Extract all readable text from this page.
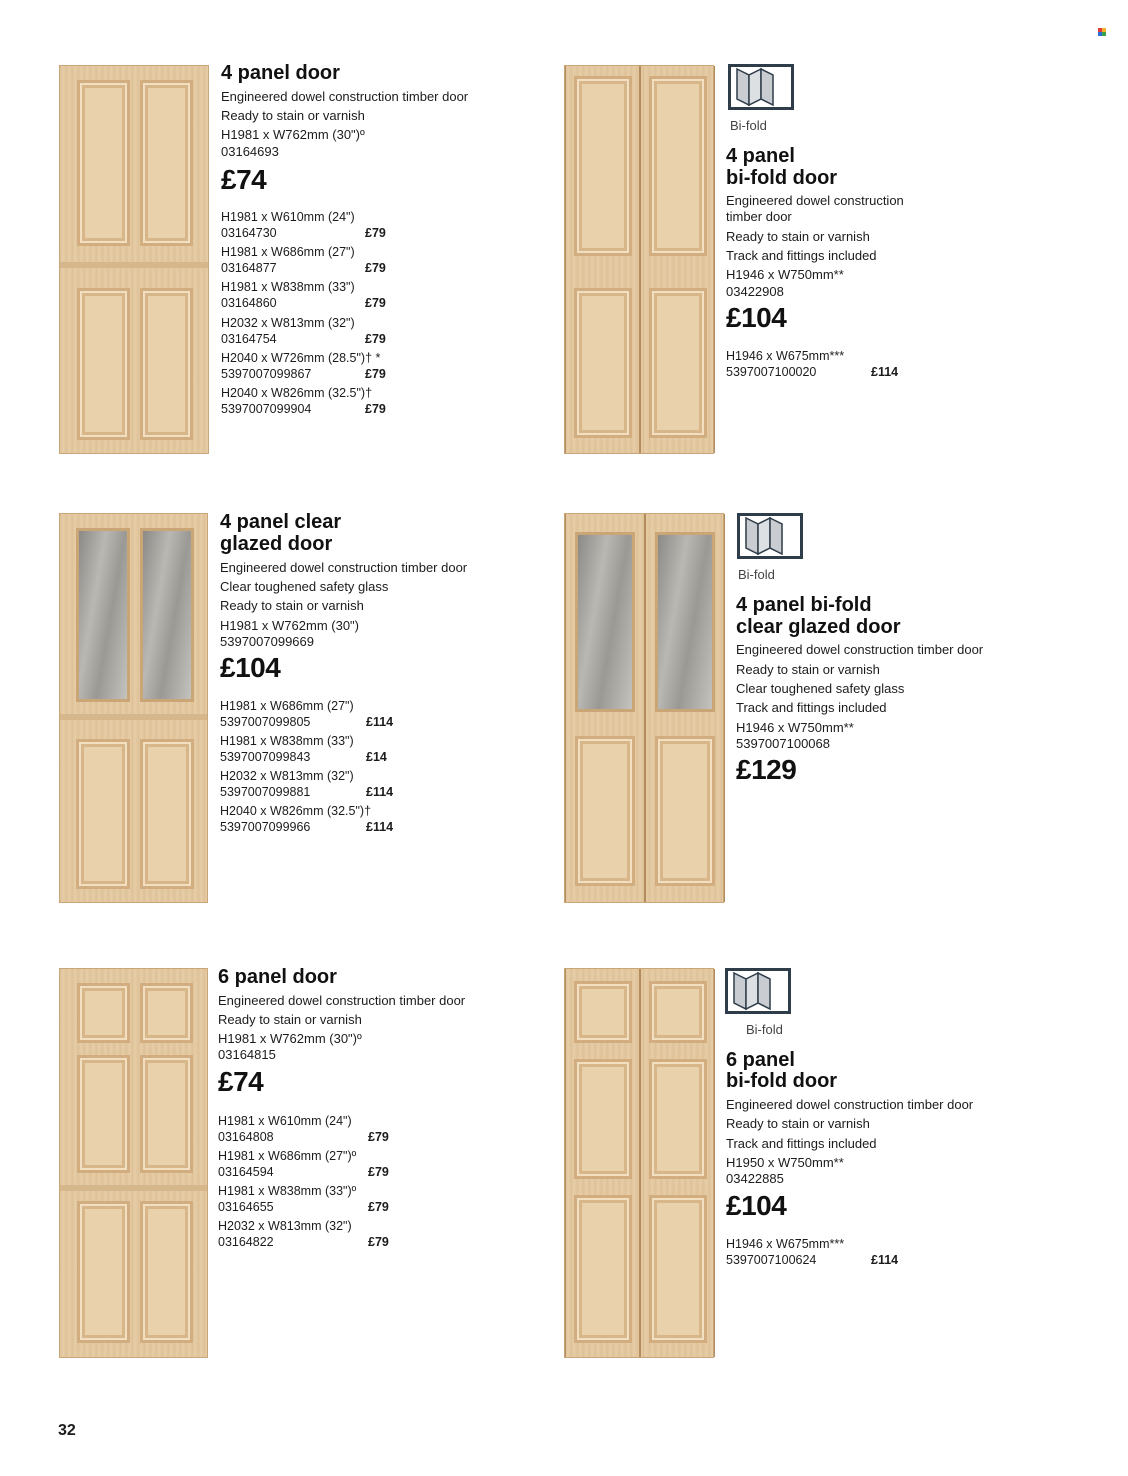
4 panel door
Engineered dowel construction timber door
Ready to stain or varnish
H1981 x W762mm (30")º
03164693
£74
H1981 x W610mm (24")
03164730	£79
H1981 x W686mm (27")
03164877	£79
H1981 x W838mm (33")
03164860	£79
H2032 x W813mm (32")
03164754	£79
H2040 x W726mm (28.5")† *
5397007099867	£79
H2040 x W826mm (32.5")†
5397007099904	£79
Bi-fold
4 panel
bi-fold door
Engineered dowel construction
timber door
Ready to stain or varnish
Track and fittings included
H1946 x W750mm**
03422908
£104
H1946 x W675mm***
5397007100020	£114
4 panel clear
glazed door
Engineered dowel construction timber door
Clear toughened safety glass
Ready to stain or varnish
H1981 x W762mm (30")
5397007099669
£104
H1981 x W686mm (27")
5397007099805	£114
H1981 x W838mm (33")
5397007099843	£14
H2032 x W813mm (32")
5397007099881	£114
H2040 x W826mm (32.5")†
5397007099966	£114
Bi-fold
4 panel bi-fold
clear glazed door
Engineered dowel construction timber door
Ready to stain or varnish
Clear toughened safety glass
Track and fittings included
H1946 x W750mm**
5397007100068
£129
6 panel door
Engineered dowel construction timber door
Ready to stain or varnish
H1981 x W762mm (30")º
03164815
£74
H1981 x W610mm (24")
03164808	£79
H1981 x W686mm (27")º
03164594	£79
H1981 x W838mm (33")º
03164655	£79
H2032 x W813mm (32")
03164822	£79
Bi-fold
6 panel
bi-fold door
Engineered dowel construction timber door
Ready to stain or varnish
Track and fittings included
H1950 x W750mm**
03422885
£104
H1946 x W675mm***
5397007100624	£114
32
